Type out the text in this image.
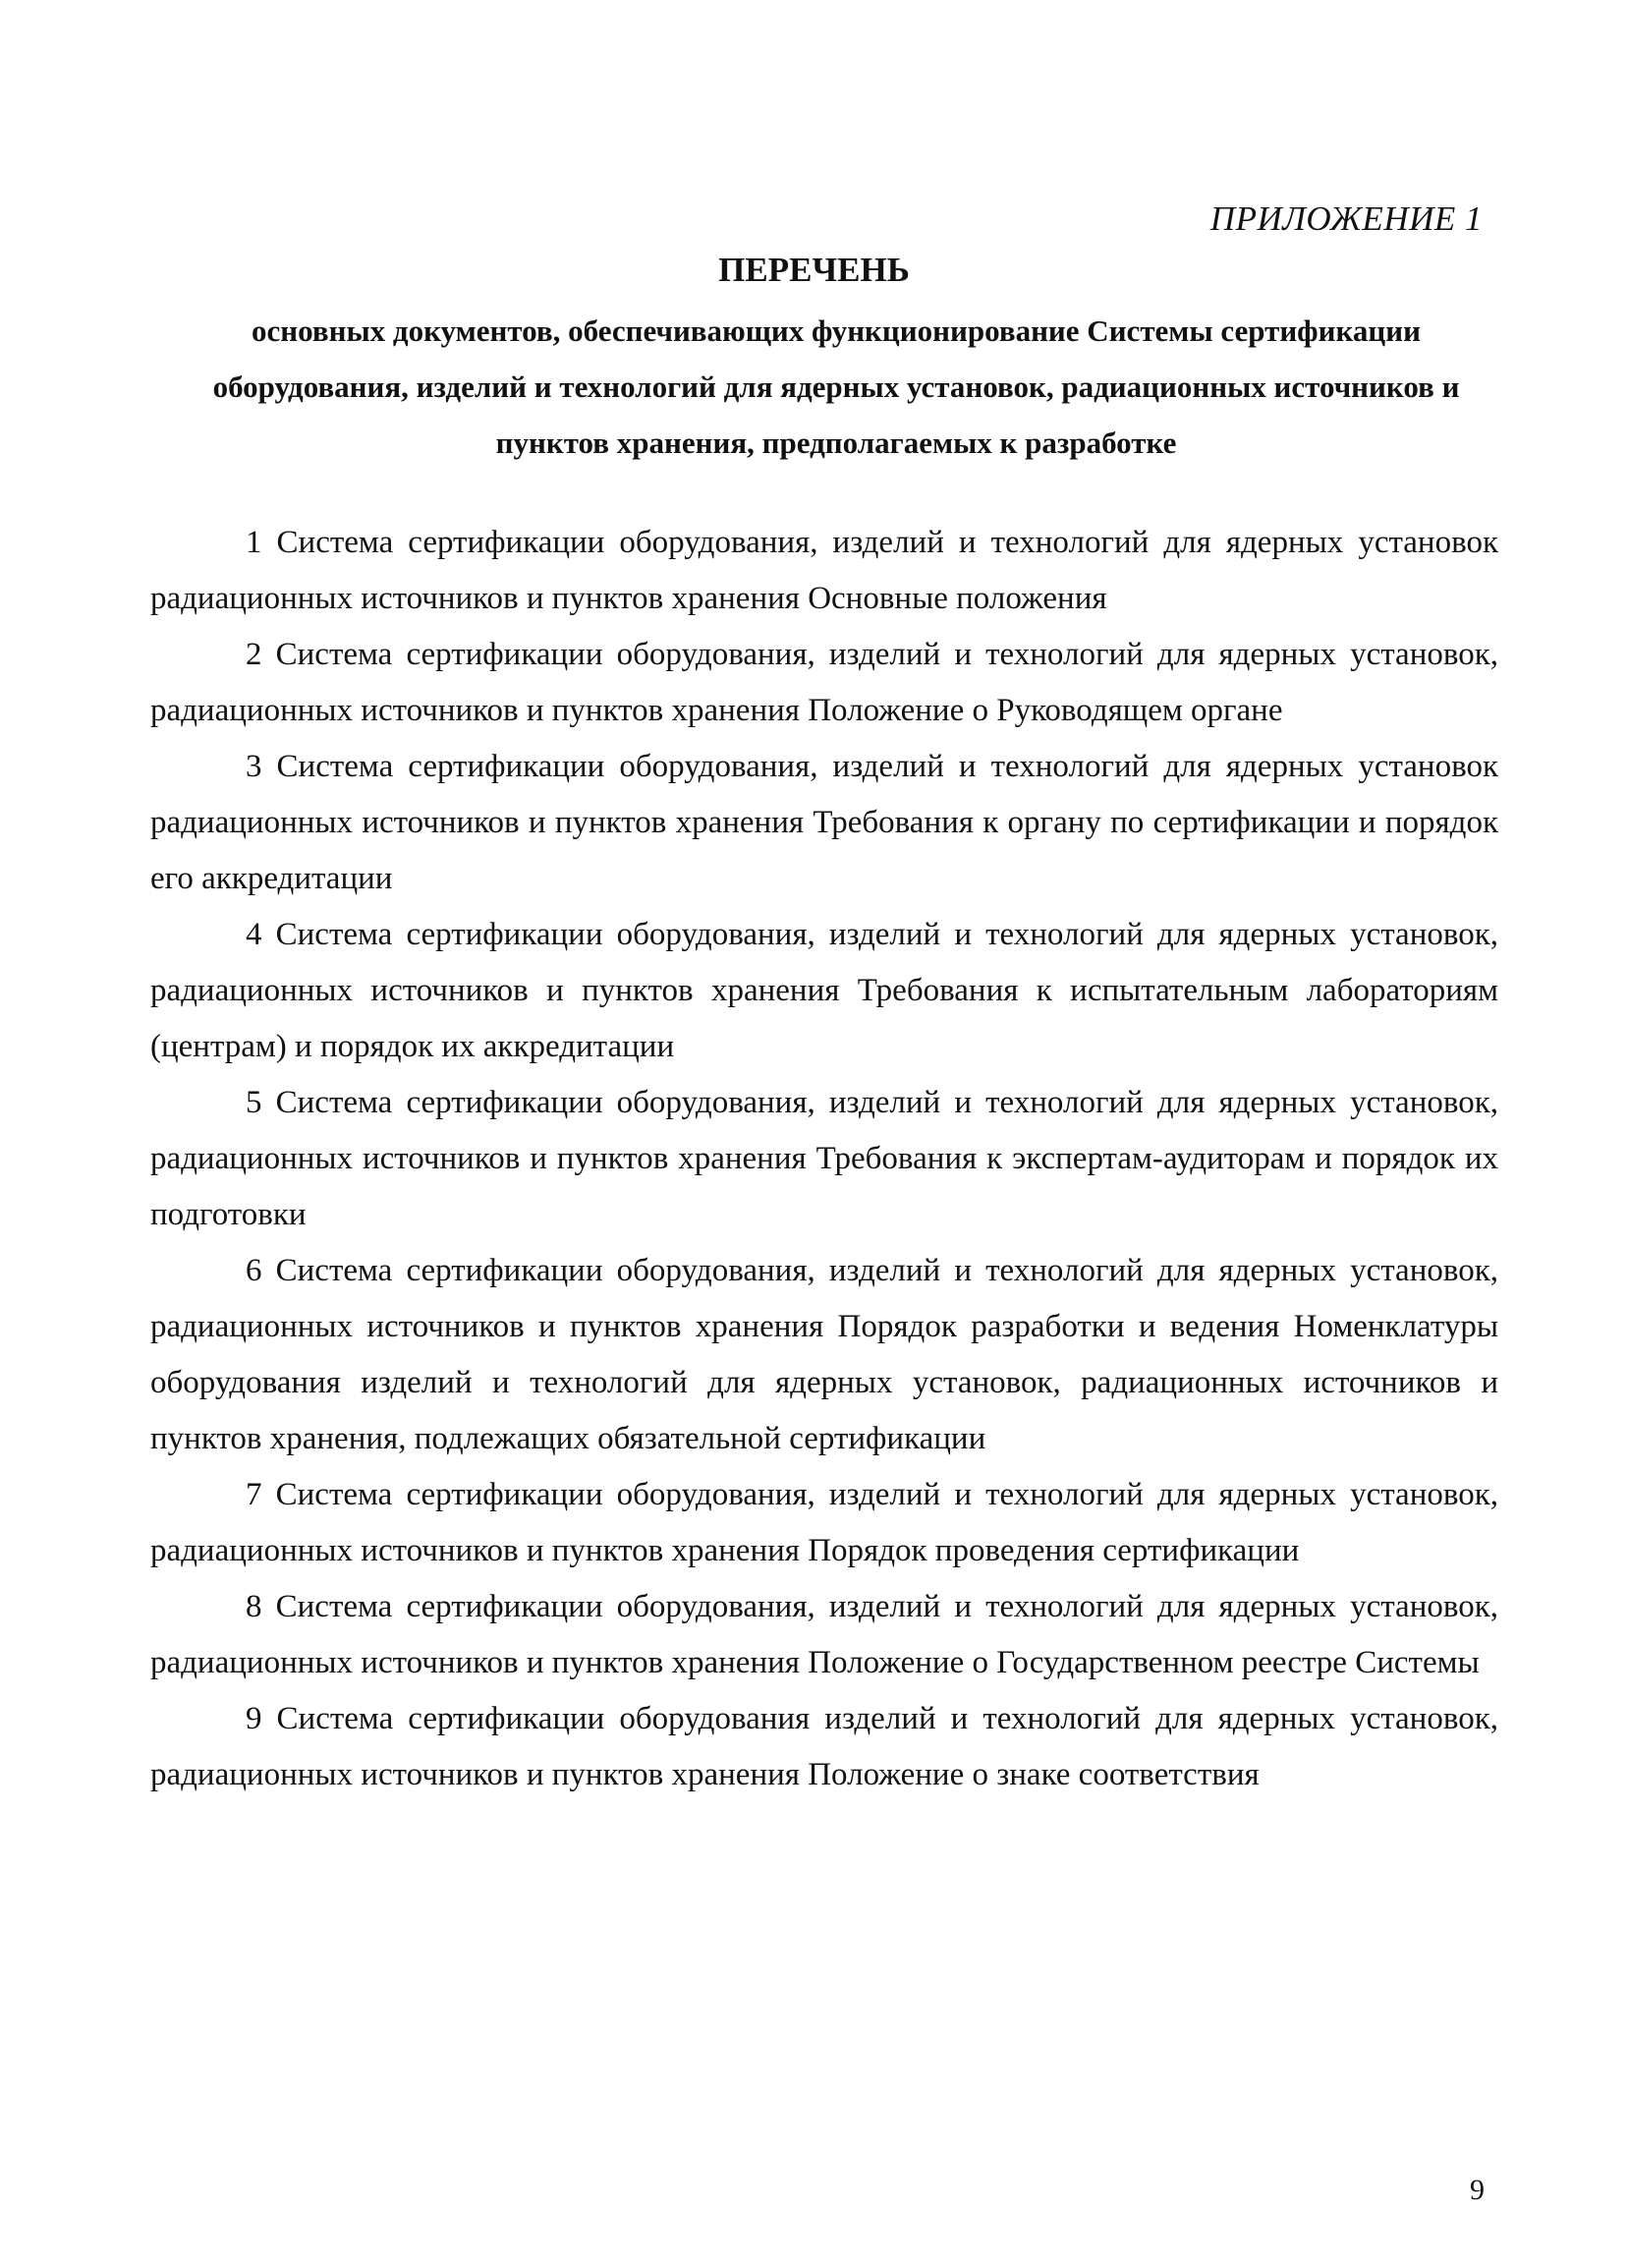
ПРИЛОЖЕНИЕ 1
ПЕРЕЧЕНЬ
основных документов, обеспечивающих функционирование Системы сертификации оборудования, изделий и технологий для ядерных установок, радиационных источников и пунктов хранения, предполагаемых к разработке

1 Система сертификации оборудования, изделий и технологий для ядерных установок радиационных источников и пунктов хранения Основные положения

2 Система сертификации оборудования, изделий и технологий для ядерных установок, радиационных источников и пунктов хранения Положение о Руководящем органе

3 Система сертификации оборудования, изделий и технологий для ядерных установок радиационных источников и пунктов хранения Требования к органу по сертификации и порядок его аккредитации

4 Система сертификации оборудования, изделий и технологий для ядерных установок, радиационных источников и пунктов хранения Требования к испытательным лабораториям (центрам) и порядок их аккредитации

5 Система сертификации оборудования, изделий и технологий для ядерных установок, радиационных источников и пунктов хранения Требования к экспертам-аудиторам и порядок их подготовки

6 Система сертификации оборудования, изделий и технологий для ядерных установок, радиационных источников и пунктов хранения Порядок разработки и ведения Номенклатуры оборудования изделий и технологий для ядерных установок, радиационных источников и пунктов хранения, подлежащих обязательной сертификации

7 Система сертификации оборудования, изделий и технологий для ядерных установок, радиационных источников и пунктов хранения Порядок проведения сертификации

8 Система сертификации оборудования, изделий и технологий для ядерных установок, радиационных источников и пунктов хранения Положение о Государственном реестре Системы

9 Система сертификации оборудования изделий и технологий для ядерных установок, радиационных источников и пунктов хранения Положение о знаке соответствия

9
